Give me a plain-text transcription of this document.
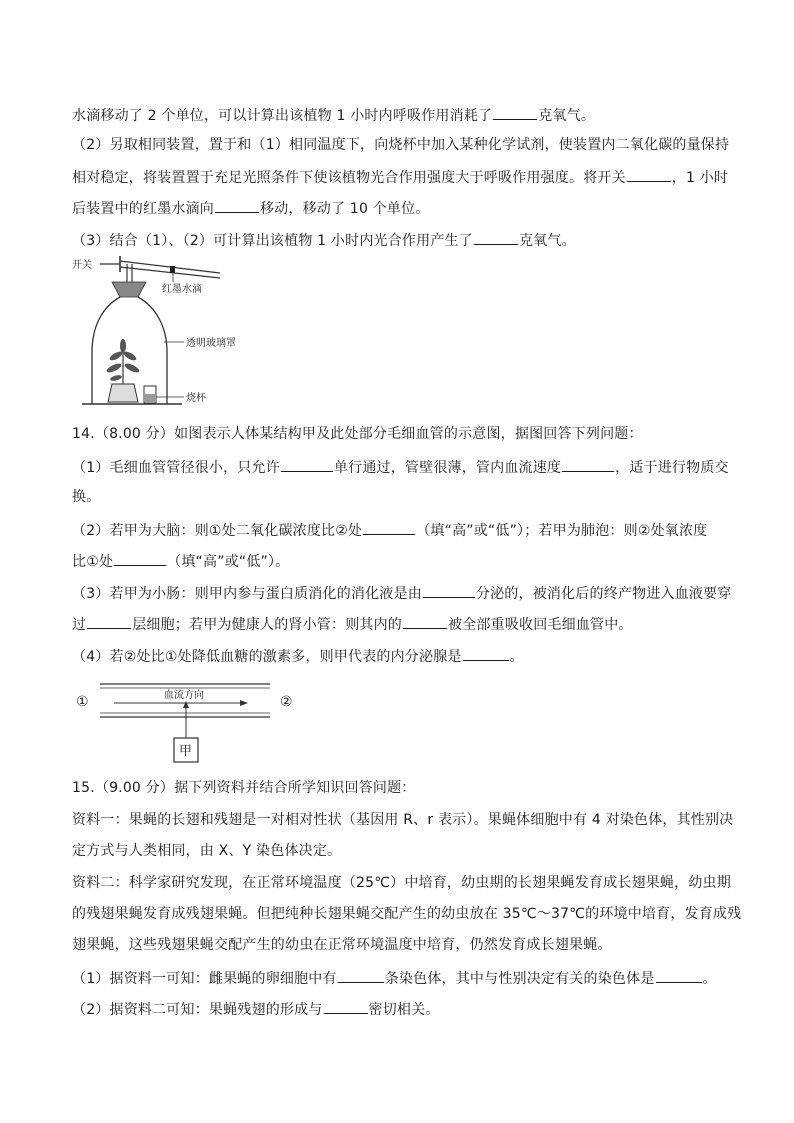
水滴移动了 2 个单位，可以计算出该植物 1 小时内呼吸作用消耗了	克氧气。
（2）另取相同装置，置于和（1）相同温度下，向烧杯中加入某种化学试剂，使装置内二氧化碳的量保持
相对稳定，将装置置于充足光照条件下使该植物光合作用强度大于呼吸作用强度。将开关	，1 小时
后装置中的红墨水滴向	移动，移动了 10 个单位。
（3）结合（1）、（2）可计算出该植物 1 小时内光合作用产生了	克氧气。
开关
红墨水滴
透明玻璃罩
烧杯
14.（8.00 分）如图表示人体某结构甲及此处部分毛细血管的示意图，据图回答下列问题：
（1）毛细血管管径很小，只允许	单行通过，管壁很薄，管内血流速度	，适于进行物质交
换。
（2）若甲为大脑：则①处二氧化碳浓度比②处	（填“高”或“低”）；若甲为肺泡：则②处氧浓度
比①处	（填“高”或“低”）。
（3）若甲为小肠：则甲内参与蛋白质消化的消化液是由	分泌的，被消化后的终产物进入血液要穿
过	层细胞；若甲为健康人的肾小管：则其内的	被全部重吸收回毛细血管中。
（4）若②处比①处降低血糖的激素多，则甲代表的内分泌腺是	。
①	②
血流方向
甲
15.（9.00 分）据下列资料并结合所学知识回答问题：
资料一：果蝇的长翅和残翅是一对相对性状（基因用 R、r 表示）。果蝇体细胞中有 4 对染色体，其性别决
定方式与人类相同，由 X、Y 染色体决定。
资料二：科学家研究发现，在正常环境温度（25℃）中培育，幼虫期的长翅果蝇发育成长翅果蝇，幼虫期
的残翅果蝇发育成残翅果蝇。但把纯种长翅果蝇交配产生的幼虫放在 35℃～37℃的环境中培育，发育成残
翅果蝇，这些残翅果蝇交配产生的幼虫在正常环境温度中培育，仍然发育成长翅果蝇。
（1）据资料一可知：雌果蝇的卵细胞中有	条染色体，其中与性别决定有关的染色体是	。
（2）据资料二可知：果蝇残翅的形成与	密切相关。
